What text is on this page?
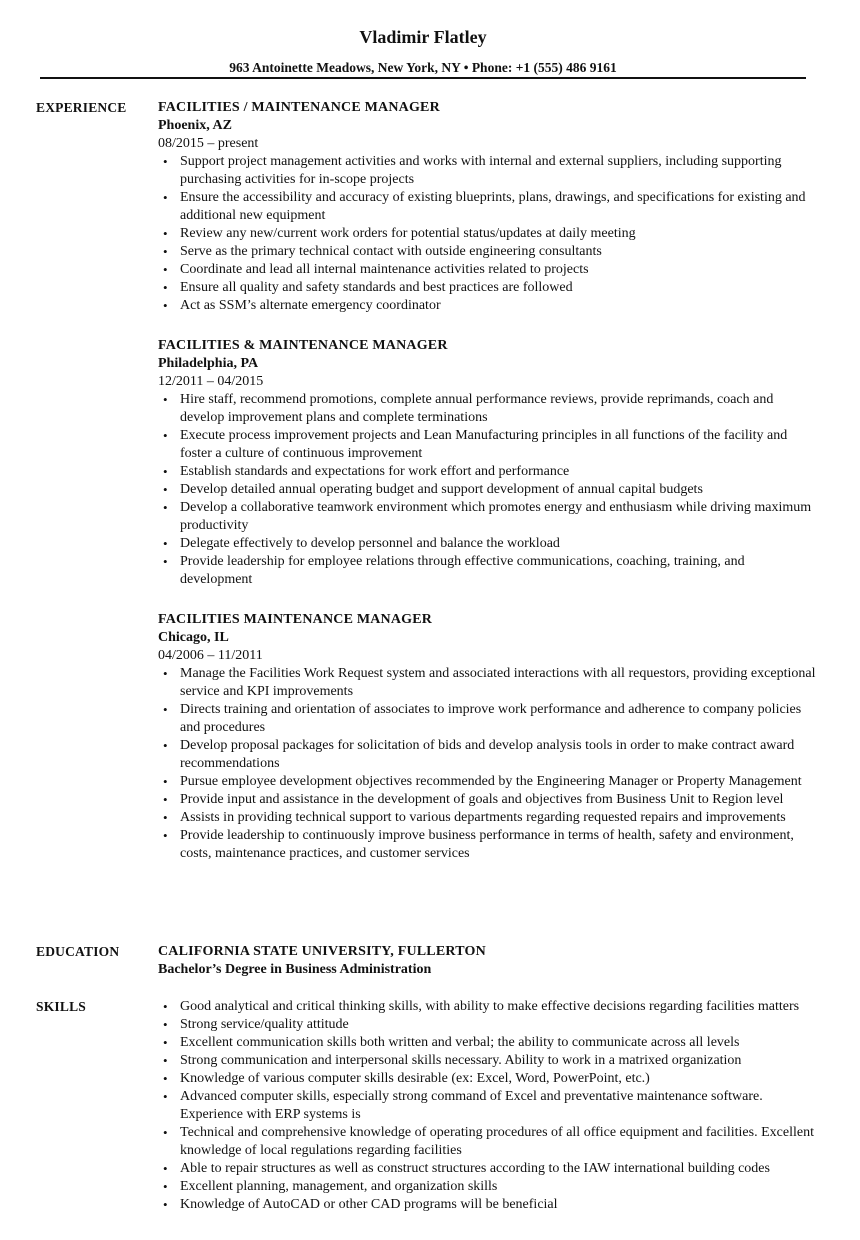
Vladimir Flatley
963 Antoinette Meadows, New York, NY • Phone: +1 (555) 486 9161
EXPERIENCE FACILITIES / MAINTENANCE MANAGER

Phoenix, AZ

08/2015 – present

• Support project management activities and works with internal and external suppliers, including supporting purchasing activities for in-scope projects
• Ensure the accessibility and accuracy of existing blueprints, plans, drawings, and specifications for existing and additional new equipment
• Review any new/current work orders for potential status/updates at daily meeting
• Serve as the primary technical contact with outside engineering consultants
• Coordinate and lead all internal maintenance activities related to projects
• Ensure all quality and safety standards and best practices are followed
• Act as SSM’s alternate emergency coordinator

FACILITIES & MAINTENANCE MANAGER

Philadelphia, PA

12/2011 – 04/2015

• Hire staff, recommend promotions, complete annual performance reviews, provide reprimands, coach and develop improvement plans and complete terminations
• Execute process improvement projects and Lean Manufacturing principles in all functions of the facility and foster a culture of continuous improvement
• Establish standards and expectations for work effort and performance
• Develop detailed annual operating budget and support development of annual capital budgets
• Develop a collaborative teamwork environment which promotes energy and enthusiasm while driving maximum productivity
• Delegate effectively to develop personnel and balance the workload
• Provide leadership for employee relations through effective communications, coaching, training, and development

FACILITIES MAINTENANCE MANAGER

Chicago, IL

04/2006 – 11/2011

• Manage the Facilities Work Request system and associated interactions with all requestors, providing exceptional service and KPI improvements
• Directs training and orientation of associates to improve work performance and adherence to company policies and procedures
• Develop proposal packages for solicitation of bids and develop analysis tools in order to make contract award recommendations
• Pursue employee development objectives recommended by the Engineering Manager or Property Management
• Provide input and assistance in the development of goals and objectives from Business Unit to Region level
• Assists in providing technical support to various departments regarding requested repairs and improvements
• Provide leadership to continuously improve business performance in terms of health, safety and environment, costs, maintenance practices, and customer services
EDUCATION	CALIFORNIA STATE UNIVERSITY, FULLERTON

Bachelor’s Degree in Business Administration

SKILLS
•	Good analytical and critical thinking skills, with ability to make effective decisions regarding facilities matters
• Strong service/quality attitude
• Excellent communication skills both written and verbal; the ability to communicate across all levels
• Strong communication and interpersonal skills necessary. Ability to work in a matrixed organization
• Knowledge of various computer skills desirable (ex: Excel, Word, PowerPoint, etc.)
• Advanced computer skills, especially strong command of Excel and preventative maintenance software. Experience with ERP systems is
• Technical and comprehensive knowledge of operating procedures of all office equipment and facilities. Excellent knowledge of local regulations regarding facilities
• Able to repair structures as well as construct structures according to the IAW international building codes
• Excellent planning, management, and organization skills
• Knowledge of AutoCAD or other CAD programs will be beneficial
